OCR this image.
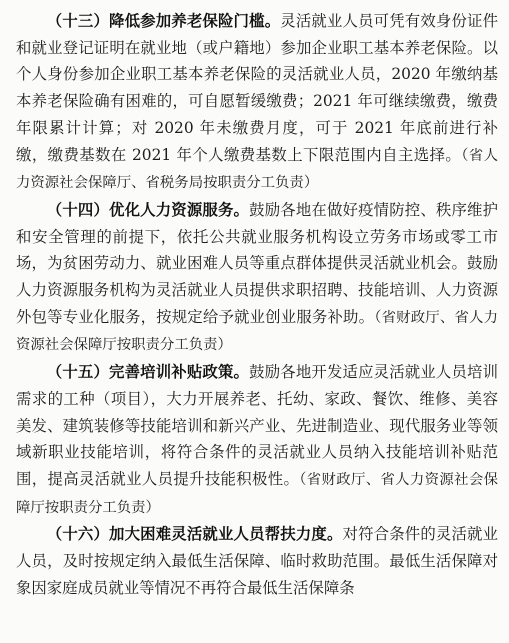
（十三）降低参加养老保险门槛。灵活就业人员可凭有效身份证件和就业登记证明在就业地（或户籍地）参加企业职工基本养老保险。以个人身份参加企业职工基本养老保险的灵活就业人员，2020 年缴纳基本养老保险确有困难的，可自愿暂缓缴费；2021 年可继续缴费，缴费年限累计计算；对 2020 年未缴费月度，可于 2021 年底前进行补缴，缴费基数在 2021 年个人缴费基数上下限范围内自主选择。（省人力资源社会保障厅、省税务局按职责分工负责）

（十四）优化人力资源服务。鼓励各地在做好疫情防控、秩序维护和安全管理的前提下，依托公共就业服务机构设立劳务市场或零工市场，为贫困劳动力、就业困难人员等重点群体提供灵活就业机会。鼓励人力资源服务机构为灵活就业人员提供求职招聘、技能培训、人力资源外包等专业化服务，按规定给予就业创业服务补助。（省财政厅、省人力资源社会保障厅按职责分工负责）

（十五）完善培训补贴政策。鼓励各地开发适应灵活就业人员培训需求的工种（项目），大力开展养老、托幼、家政、餐饮、维修、美容美发、建筑装修等技能培训和新兴产业、先进制造业、现代服务业等领域新职业技能培训，将符合条件的灵活就业人员纳入技能培训补贴范围，提高灵活就业人员提升技能积极性。（省财政厅、省人力资源社会保障厅按职责分工负责）

（十六）加大困难灵活就业人员帮扶力度。对符合条件的灵活就业人员，及时按规定纳入最低生活保障、临时救助范围。最低生活保障对象因家庭成员就业等情况不再符合最低生活保障条
